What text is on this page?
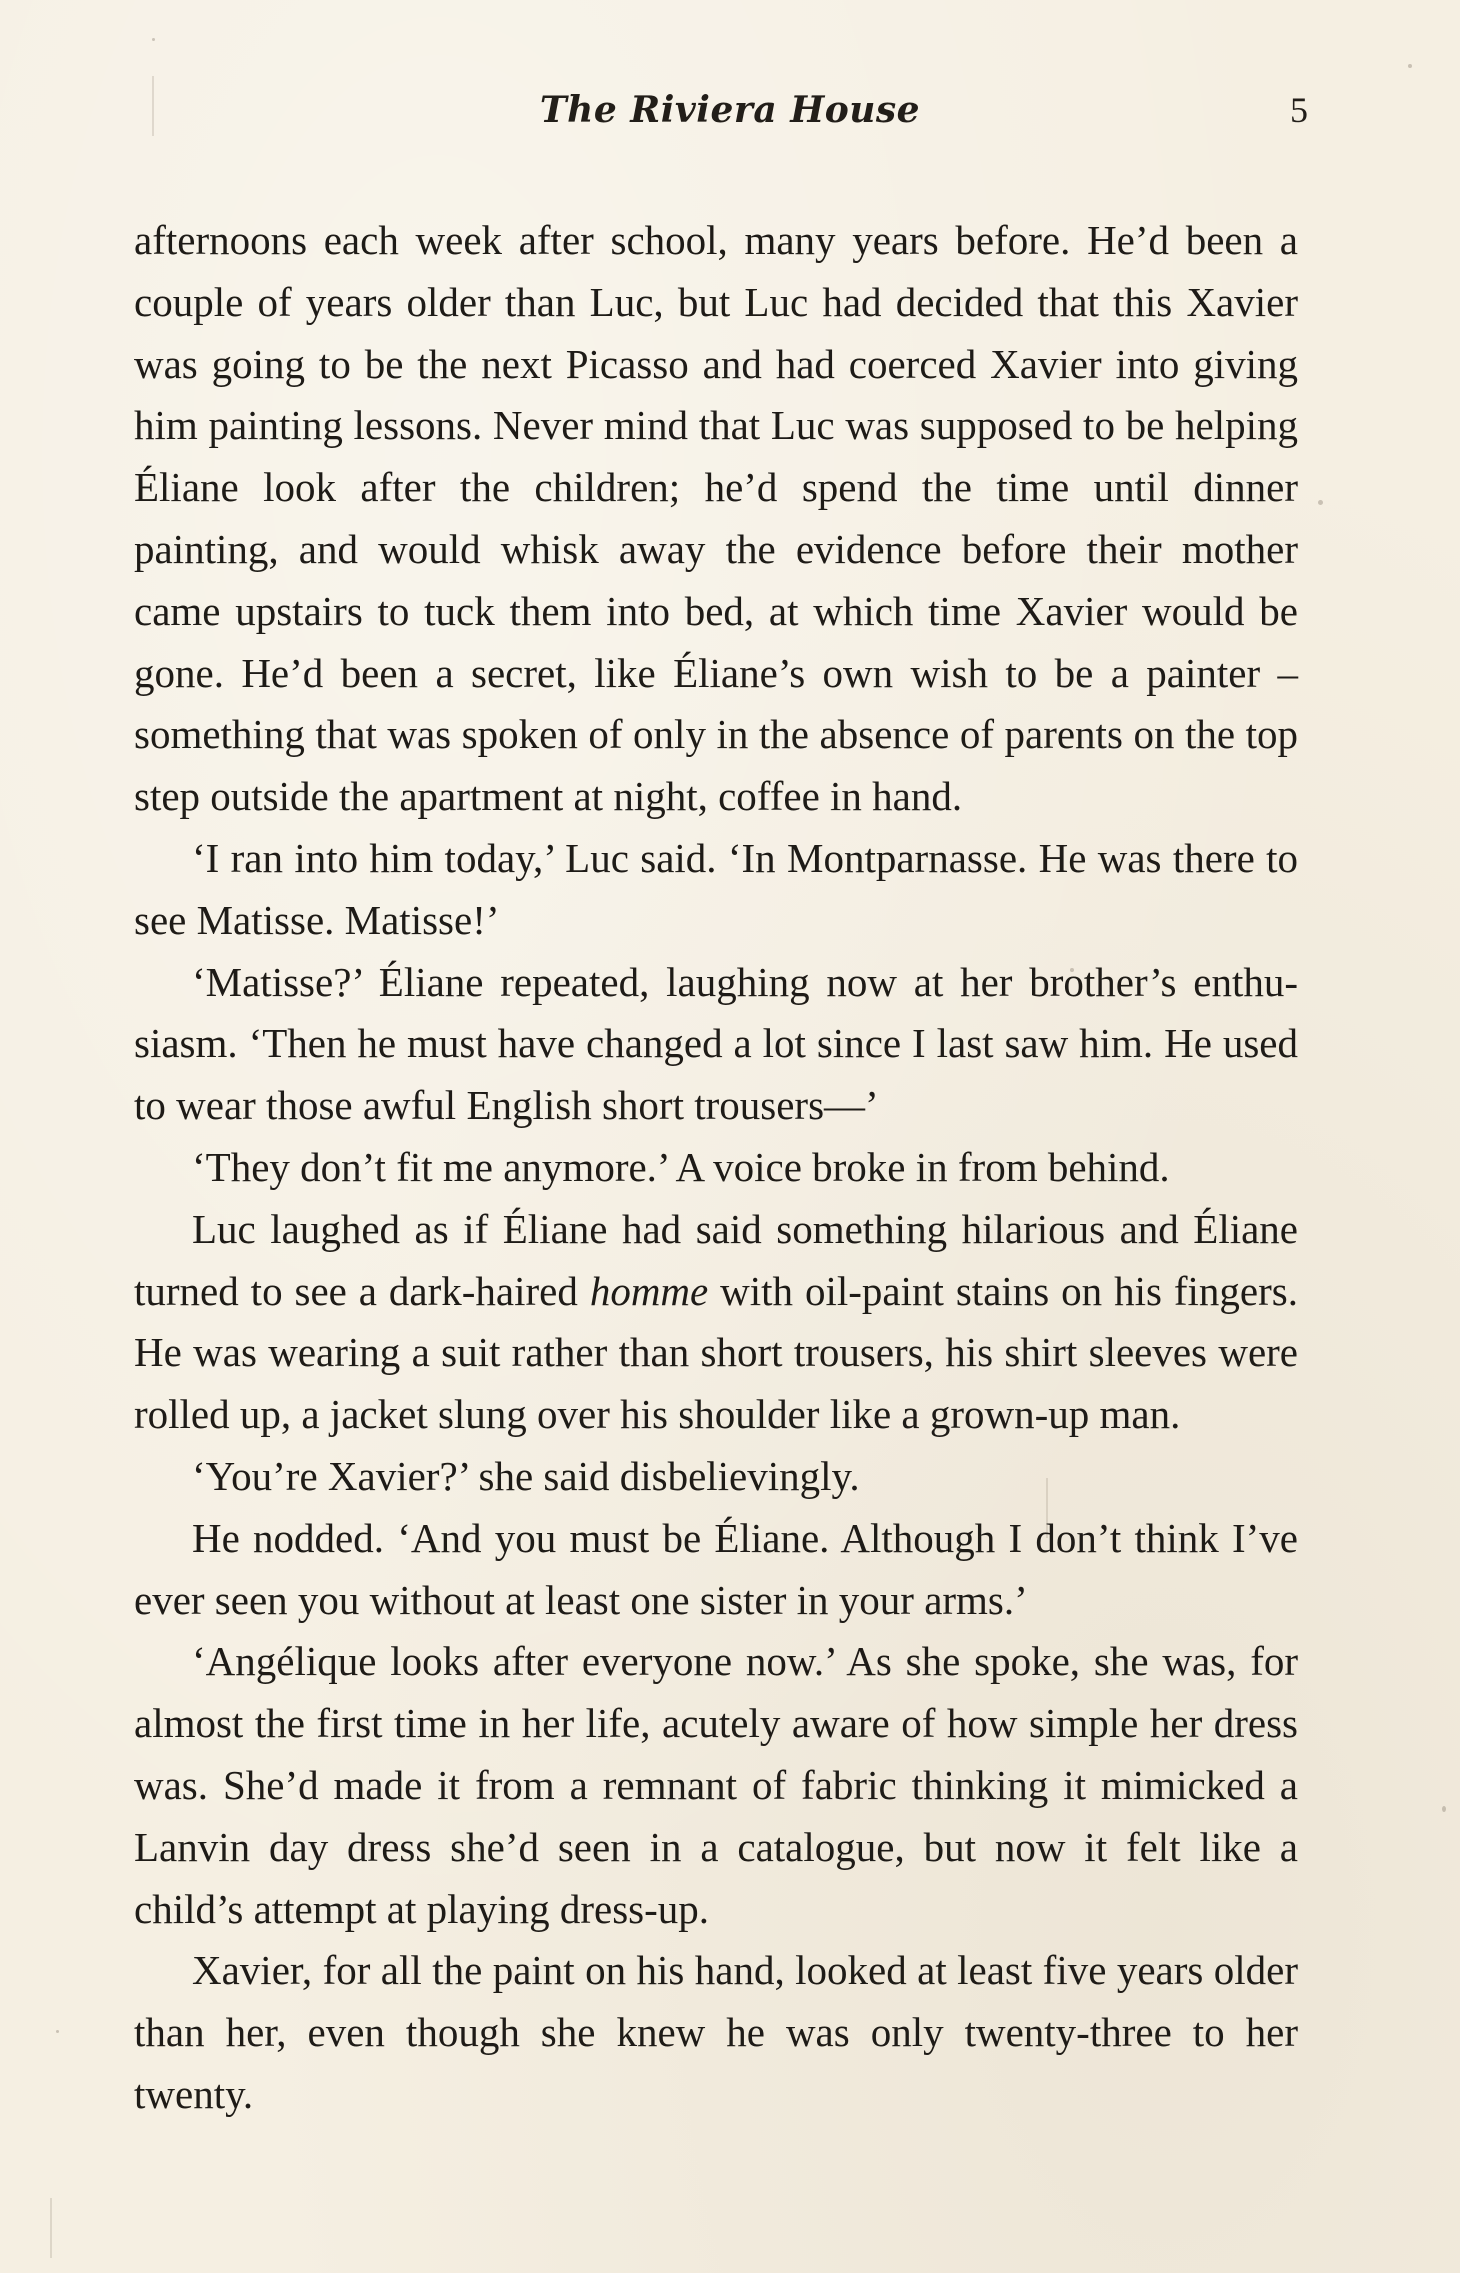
The Riviera House	5

afternoons each week after school, many years before. He’d been a couple of years older than Luc, but Luc had decided that this Xavier was going to be the next Picasso and had coerced Xavier into giving him painting lessons. Never mind that Luc was supposed to be helping Éliane look after the children; he’d spend the time until dinner painting, and would whisk away the evidence before their mother came upstairs to tuck them into bed, at which time Xavier would be gone. He’d been a secret, like Éliane’s own wish to be a painter – something that was spoken of only in the absence of parents on the top step outside the apartment at night, coffee in hand.

‘I ran into him today,’ Luc said. ‘In Montparnasse. He was there to see Matisse. Matisse!’

‘Matisse?’ Éliane repeated, laughing now at her brother’s enthusiasm. ‘Then he must have changed a lot since I last saw him. He used to wear those awful English short trousers—’

‘They don’t fit me anymore.’ A voice broke in from behind.

Luc laughed as if Éliane had said something hilarious and Éliane turned to see a dark-haired homme with oil-paint stains on his fingers. He was wearing a suit rather than short trousers, his shirt sleeves were rolled up, a jacket slung over his shoulder like a grown-up man.

‘You’re Xavier?’ she said disbelievingly.

He nodded. ‘And you must be Éliane. Although I don’t think I’ve ever seen you without at least one sister in your arms.’

‘Angélique looks after everyone now.’ As she spoke, she was, for almost the first time in her life, acutely aware of how simple her dress was. She’d made it from a remnant of fabric thinking it mimicked a Lanvin day dress she’d seen in a catalogue, but now it felt like a child’s attempt at playing dress-up.

Xavier, for all the paint on his hand, looked at least five years older than her, even though she knew he was only twenty-three to her twenty.
